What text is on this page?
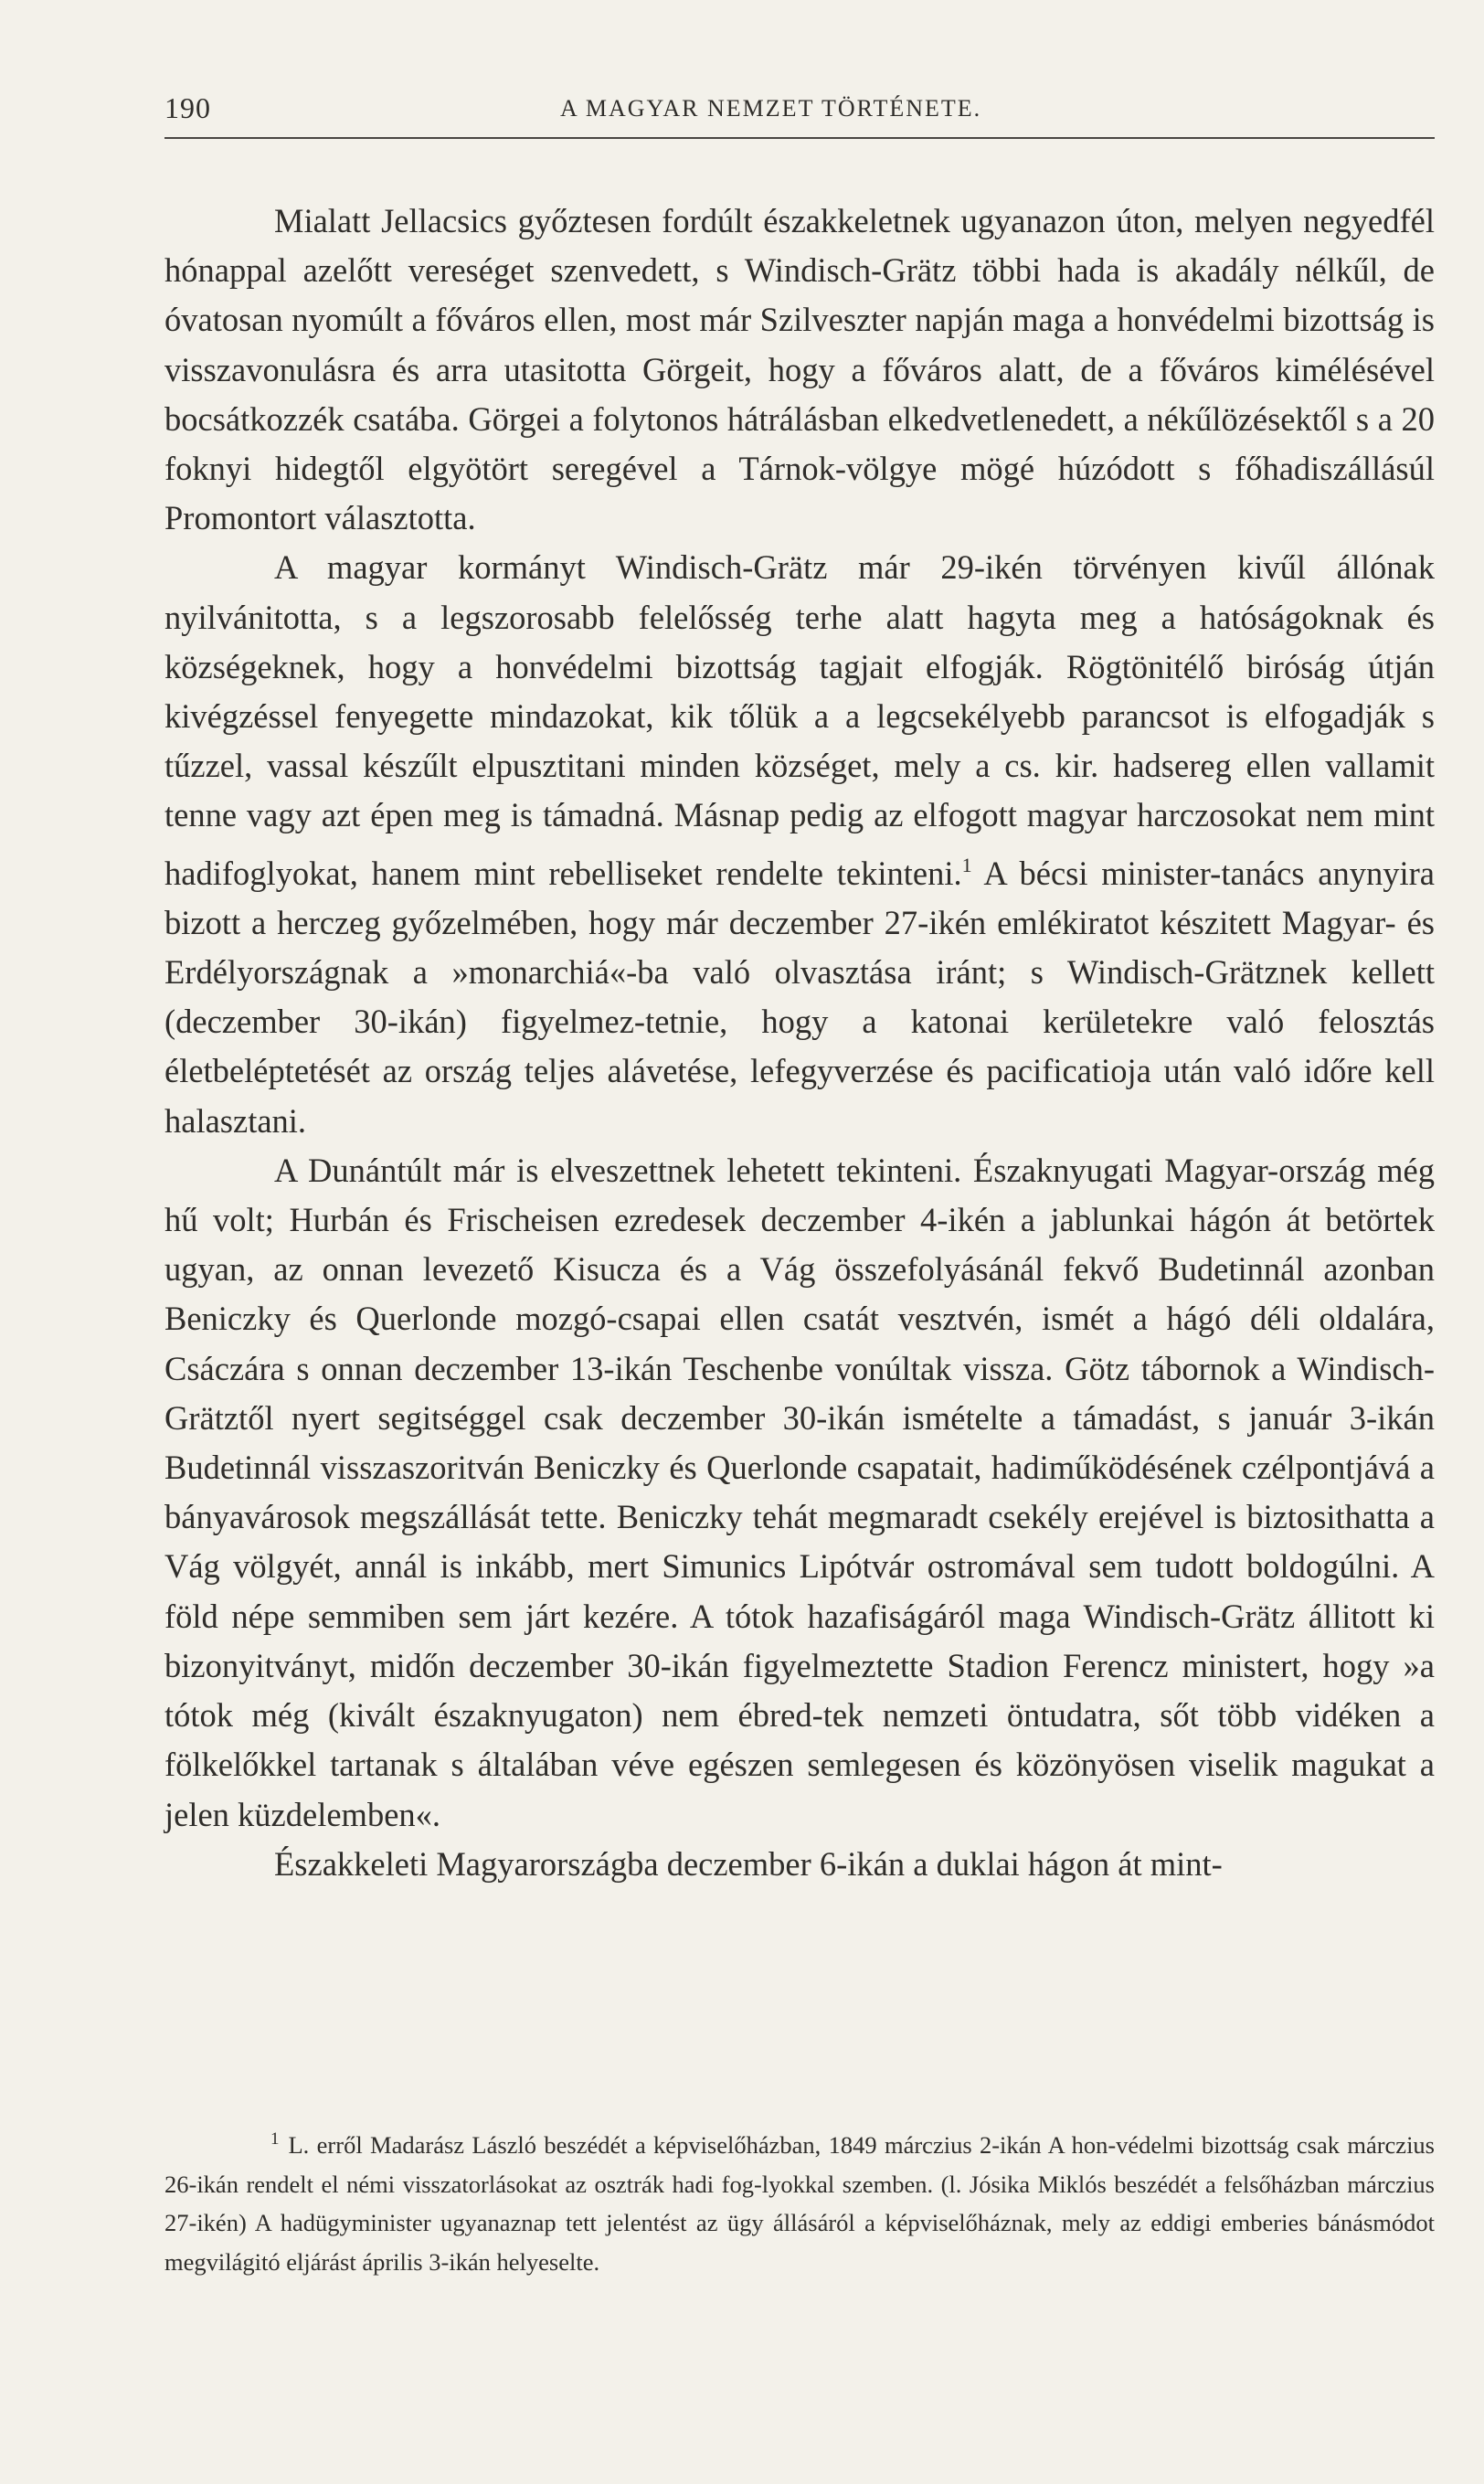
190	A MAGYAR NEMZET TÖRTÉNETE.

Mialatt Jellacsics győztesen fordúlt északkeletnek ugyanazon úton, melyen negyedfél hónappal azelőtt vereséget szenvedett, s Windisch-Grätz többi hada is akadály nélkűl, de óvatosan nyomúlt a főváros ellen, most már Szilveszter napján maga a honvédelmi bizottság is visszavonulásra és arra utasitotta Görgeit, hogy a főváros alatt, de a főváros kimélésével bocsátkozzék csatába. Görgei a folytonos hátrálásban elkedvetlenedett, a nékűlözésektől s a 20 foknyi hidegtől elgyötört seregével a Tárnok-völgye mögé húzódott s főhadiszállásúl Promontort választotta.

A magyar kormányt Windisch-Grätz már 29-ikén törvényen kivűl állónak nyilvánitotta, s a legszorosabb felelősség terhe alatt hagyta meg a hatóságoknak és községeknek, hogy a honvédelmi bizottság tagjait elfogják. Rögtönitélő biróság útján kivégzéssel fenyegette mindazokat, kik tőlük a a legcsekélyebb parancsot is elfogadják s tűzzel, vassal készűlt elpusztitani minden községet, mely a cs. kir. hadsereg ellen vallamit tenne vagy azt épen meg is támadná. Másnap pedig az elfogott magyar harczosokat nem mint hadifoglyokat, hanem mint rebelliseket rendelte tekinteni.$^1$ A bécsi minister-tanács anynyira bizott a herczeg győzelmében, hogy már deczember 27-ikén emlékiratot készitett Magyar- és Erdélyországnak a »monarchiá«-ba való olvasztása iránt; s Windisch-Grätznek kellett (deczember 30-ikán) figyelmez-tetnie, hogy a katonai kerületekre való felosztás életbeléptetését az ország teljes alávetése, lefegyverzése és pacificatioja után való időre kell halasztani.

A Dunántúlt már is elveszettnek lehetett tekinteni. Északnyugati Magyar-ország még hű volt; Hurbán és Frischeisen ezredesek deczember 4-ikén a jablunkai hágón át betörtek ugyan, az onnan levezető Kisucza és a Vág összefolyásánál fekvő Budetinnál azonban Beniczky és Querlonde mozgó-csapai ellen csatát vesztvén, ismét a hágó déli oldalára, Csáczára s onnan deczember 13-ikán Teschenbe vonúltak vissza. Götz tábornok a Windisch-Grätztől nyert segitséggel csak deczember 30-ikán ismételte a támadást, s január 3-ikán Budetinnál visszaszoritván Beniczky és Querlonde csapatait, hadiműködésének czélpontjává a bányavárosok megszállását tette. Beniczky tehát megmaradt csekély erejével is biztosithatta a Vág völgyét, annál is inkább, mert Simunics Lipótvár ostromával sem tudott boldogúlni. A föld népe semmiben sem járt kezére. A tótok hazafiságáról maga Windisch-Grätz állitott ki bizonyitványt, midőn deczember 30-ikán figyelmeztette Stadion Ferencz ministert, hogy »a tótok még (kivált északnyugaton) nem ébred-tek nemzeti öntudatra, sőt több vidéken a fölkelőkkel tartanak s általában véve egészen semlegesen és közönyösen viselik magukat a jelen küzdelemben«.

Északkeleti Magyarországba deczember 6-ikán a duklai hágon át mint-

$^1$ L. erről Madarász László beszédét a képviselőházban, 1849 márczius 2-ikán A hon-védelmi bizottság csak márczius 26-ikán rendelt el némi visszatorlásokat az osztrák hadi fog-lyokkal szemben. (l. Jósika Miklós beszédét a felsőházban márczius 27-ikén) A hadügyminister ugyanaznap tett jelentést az ügy állásáról a képviselőháznak, mely az eddigi emberies bánásmódot megvilágitó eljárást április 3-ikán helyeselte.
